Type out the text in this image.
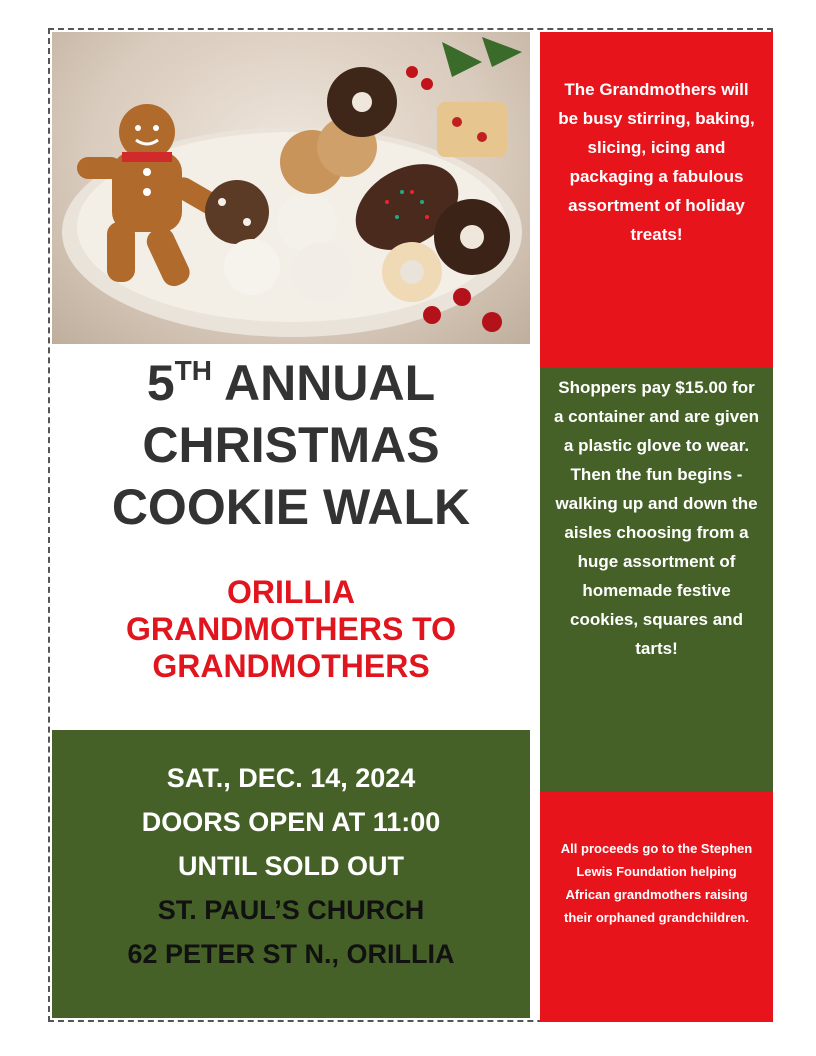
5TH ANNUAL
CHRISTMAS
COOKIE WALK
ORILLIA
GRANDMOTHERS TO
GRANDMOTHERS
SAT., DEC. 14, 2024
DOORS OPEN AT 11:00
UNTIL SOLD OUT
ST. PAUL’S CHURCH
62 PETER ST N., ORILLIA
The Grandmothers will be busy stirring, baking, slicing, icing and packaging a fabulous assortment of holiday treats!
Shoppers pay $15.00 for a container and are given a plastic glove to wear. Then the fun begins - walking up and down the aisles choosing from a huge assortment of homemade festive cookies, squares and tarts!
All proceeds go to the Stephen Lewis Foundation helping African grandmothers raising their orphaned grandchildren.
